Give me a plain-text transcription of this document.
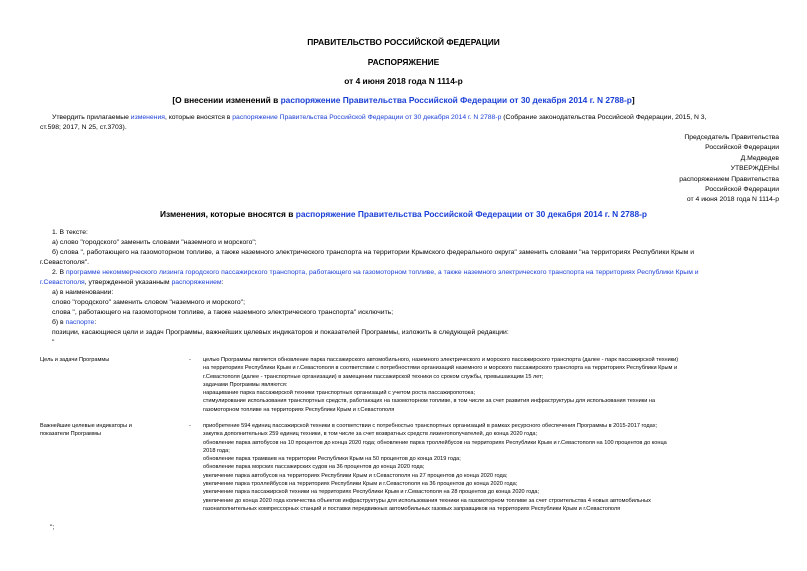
ПРАВИТЕЛЬСТВО РОССИЙСКОЙ ФЕДЕРАЦИИ
РАСПОРЯЖЕНИЕ
от 4 июня 2018 года N 1114-р
[О внесении изменений в распоряжение Правительства Российской Федерации от 30 декабря 2014 г. N 2788-р]

Утвердить прилагаемые изменения, которые вносятся в распоряжение Правительства Российской Федерации от 30 декабря 2014 г. N 2788-р (Собрание законодательства Российской Федерации, 2015, N 3,

ст.598; 2017, N 25, ст.3703).

Председатель Правительства

Российской Федерации

Д.Медведев

УТВЕРЖДЕНЫ

распоряжением Правительства

Российской Федерации

от 4 июня 2018 года N 1114-р

Изменения, которые вносятся в распоряжение Правительства Российской Федерации от 30 декабря 2014 г. N 2788-р

1. В тексте:

а) слово "городского" заменить словами "наземного и морского";

б) слова ", работающего на газомоторном топливе, а также наземного электрического транспорта на территории Крымского федерального округа" заменить словами "на территориях Республики Крым и

г.Севастополя".

2. В программе некоммерческого лизинга городского пассажирского транспорта, работающего на газомоторном топливе, а также наземного электрического транспорта на территориях Республики Крым и

г.Севастополя, утвержденной указанным распоряжением:

а) в наименовании:

слово "городского" заменить словом "наземного и морского";

слова ", работающего на газомоторном топливе, а также наземного электрического транспорта" исключить;

б) в паспорте:

позиции, касающиеся цели и задач Программы, важнейших целевых индикаторов и показателей Программы, изложить в следующей редакции:

"

Цель и задачи Программы	- целью Программы является обновление парка пассажирского автомобильного, наземного электрического и морского пассажирского транспорта (далее - парк пассажирской техники)

на территориях Республики Крым и г.Севастополя в соответствии с потребностями организаций наземного и морского пассажирского транспорта на территориях Республики Крым и

г.Севастополя (далее - транспортные организации) в замещении пассажирской техники со сроком службы, превышающим 15 лет;

задачами Программы являются:

наращивание парка пассажирской техники транспортных организаций с учетом роста пассажиропотока;

стимулирование использования транспортных средств, работающих на газомоторном топливе, в том числе за счет развития инфраструктуры для использования техники на

газомоторном топливе на территориях Республики Крым и г.Севастополя

Важнейшие целевые индикаторы и

показатели Программы

- приобретение 594 единиц пассажирской техники в соответствии с потребностью транспортных организаций в рамках ресурсного обеспечения Программы в 2015-2017 годах;

закупка дополнительных 259 единиц техники, в том числе за счет возвратных средств лизингополучателей, до конца 2020 года;

обновление парка автобусов на 10 процентов до конца 2020 года; обновление парка троллейбусов на территориях Республики Крым и г.Севастополя на 100 процентов до конца

2018 года;

обновление парка трамваев на территории Республики Крым на 50 процентов до конца 2019 года;

обновление парка морских пассажирских судов на 36 процентов до конца 2020 года;

увеличение парка автобусов на территориях Республики Крым и г.Севастополя на 27 процентов до конца 2020 года;

увеличение парка троллейбусов на территориях Республики Крым и г.Севастополя на 36 процентов до конца 2020 года;

увеличение парка пассажирской техники на территориях Республики Крым и г.Севастополя на 28 процентов до конца 2020 года;

увеличение до конца 2020 года количества объектов инфраструктуры для использования техники на газомоторном топливе за счет строительства 4 новых автомобильных

газонаполнительных компрессорных станций и поставки передвижных автомобильных газовых заправщиков на территориях Республики Крым и г.Севастополя

";
